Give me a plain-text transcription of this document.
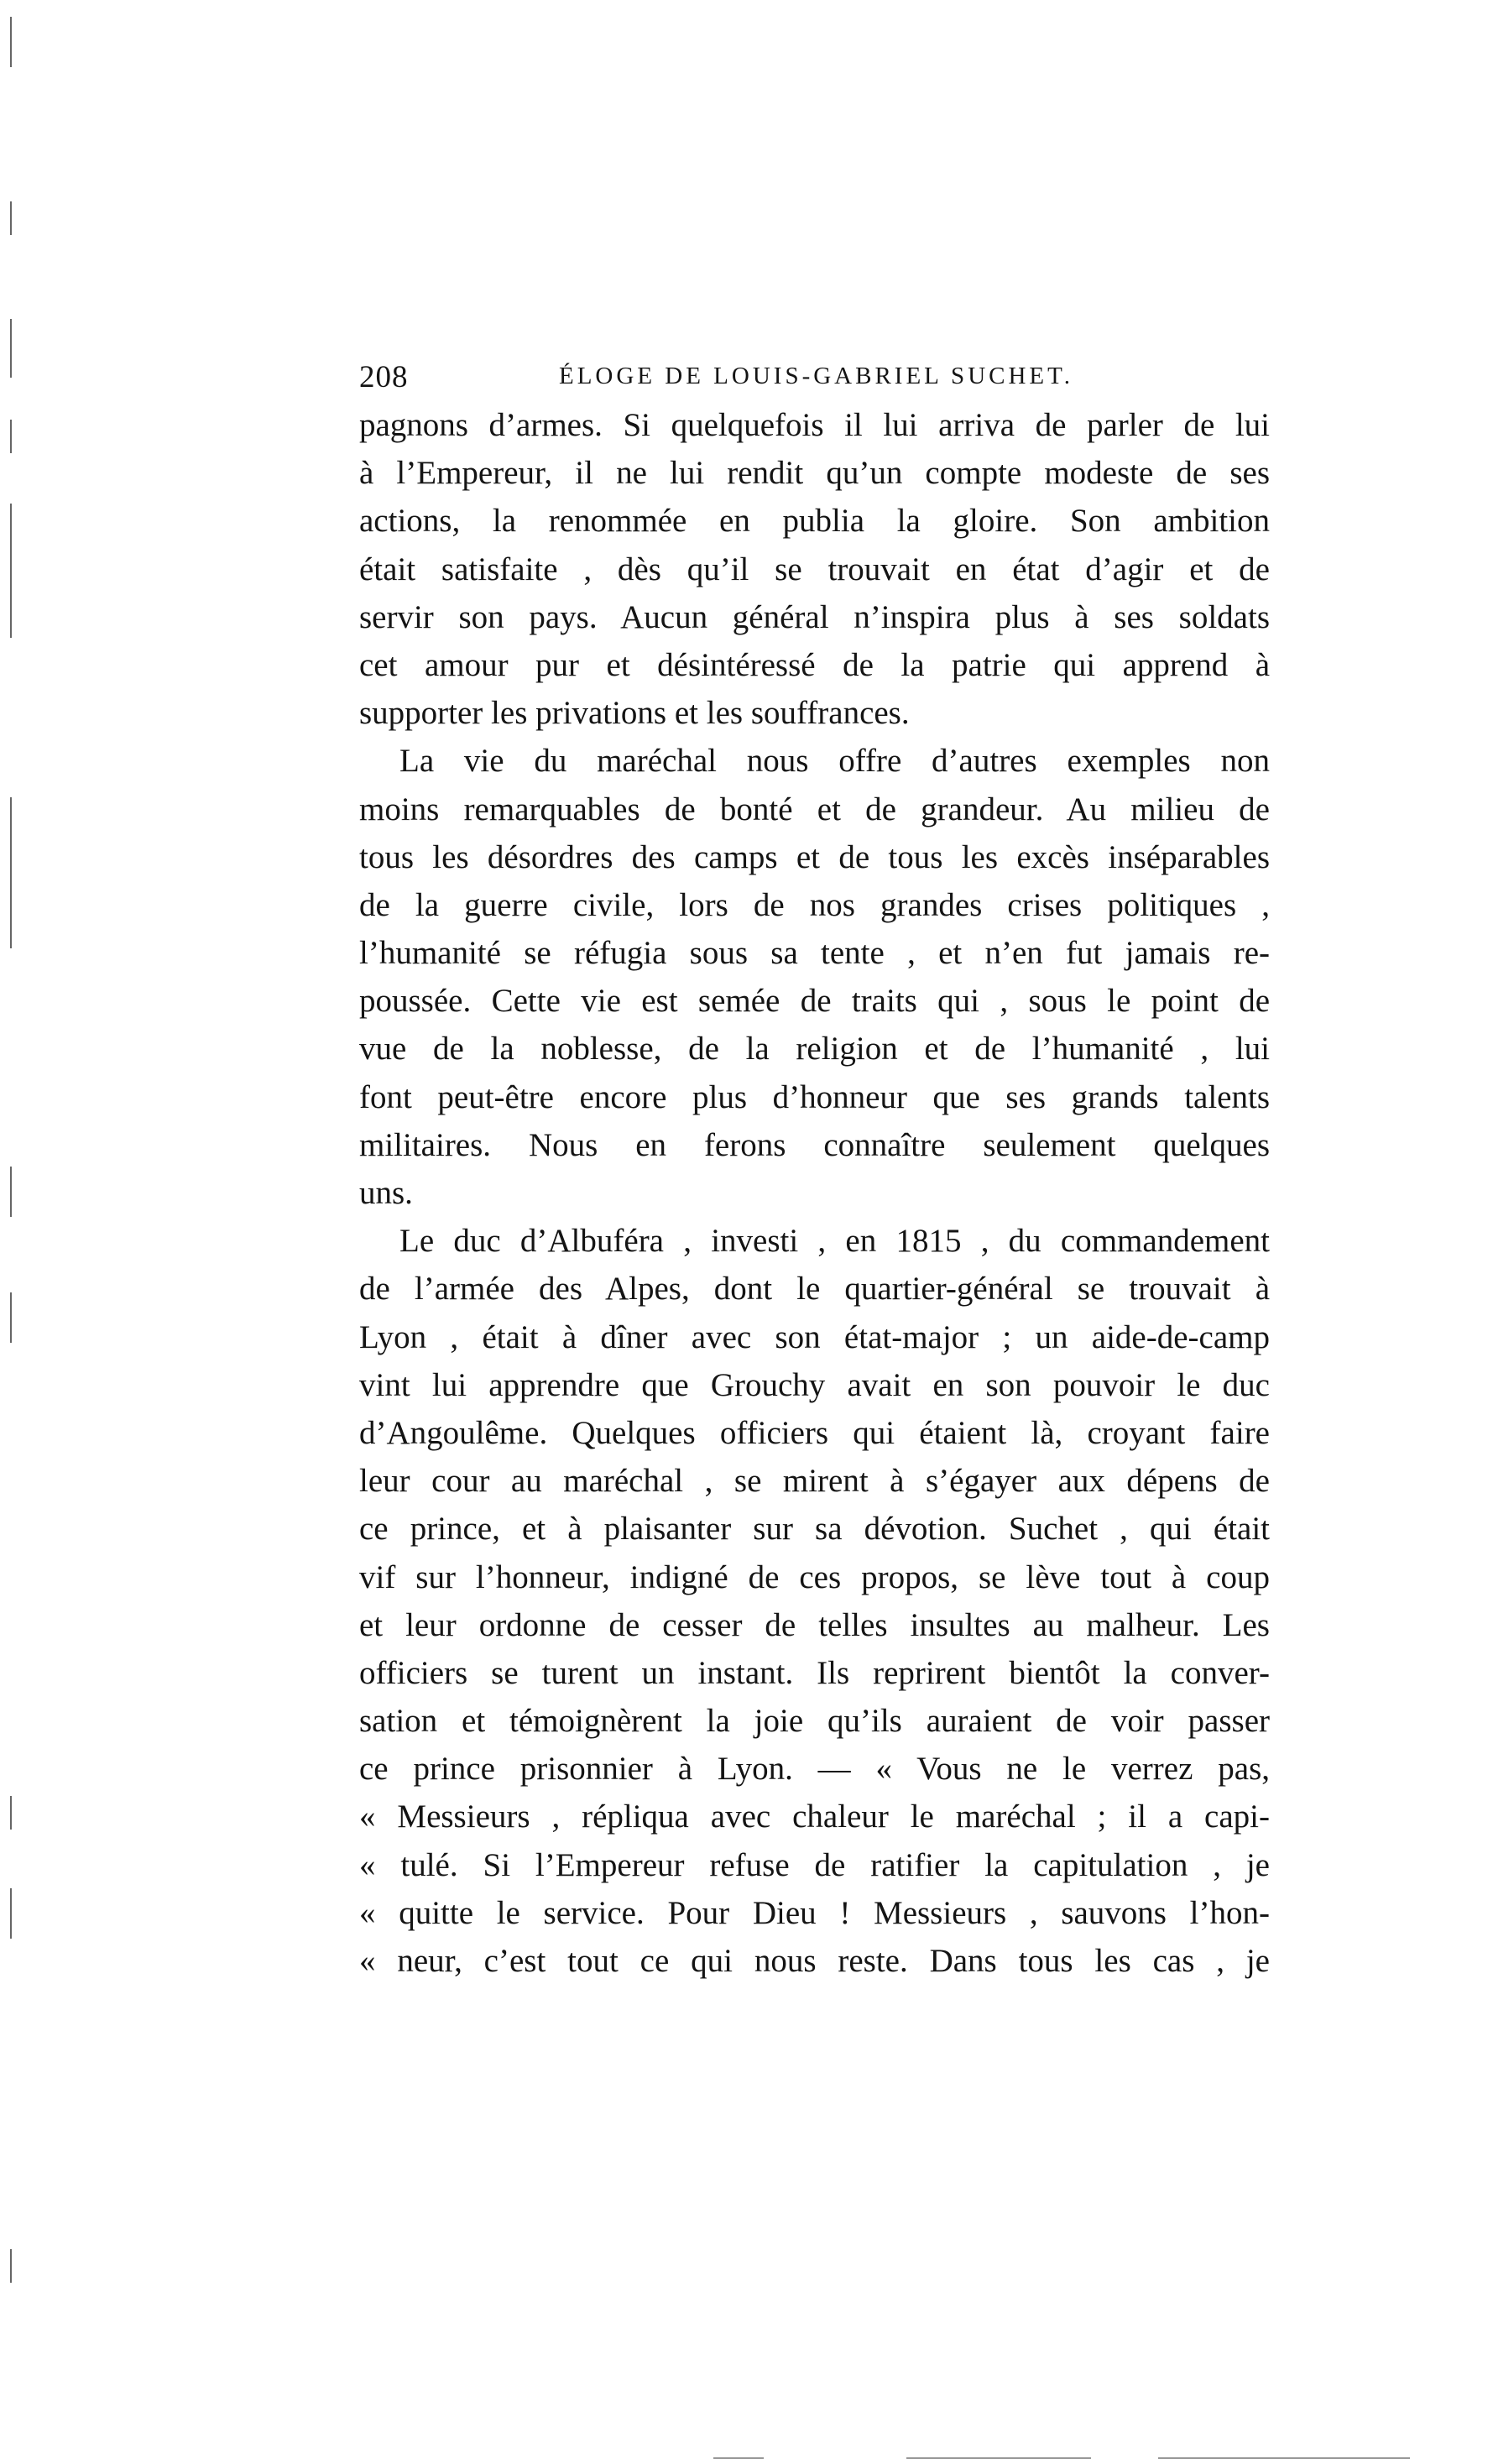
208	ÉLOGE DE LOUIS-GABRIEL SUCHET.
pagnons d’armes. Si quelquefois il lui arriva de parler de lui
à l’Empereur, il ne lui rendit qu’un compte modeste de ses
actions, la renommée en publia la gloire. Son ambition
était satisfaite , dès qu’il se trouvait en état d’agir et de
servir son pays. Aucun général n’inspira plus à ses soldats
cet amour pur et désintéressé de la patrie qui apprend à
supporter les privations et les souffrances.
La vie du maréchal nous offre d’autres exemples non
moins remarquables de bonté et de grandeur. Au milieu de
tous les désordres des camps et de tous les excès inséparables
de la guerre civile, lors de nos grandes crises politiques ,
l’humanité se réfugia sous sa tente , et n’en fut jamais re-
poussée. Cette vie est semée de traits qui , sous le point de
vue de la noblesse, de la religion et de l’humanité , lui
font peut-être encore plus d’honneur que ses grands talents
militaires. Nous en ferons connaître seulement quelques
uns.
Le duc d’Albuféra , investi , en 1815 , du commandement
de l’armée des Alpes, dont le quartier-général se trouvait à
Lyon , était à dîner avec son état-major ; un aide-de-camp
vint lui apprendre que Grouchy avait en son pouvoir le duc
d’Angoulême. Quelques officiers qui étaient là, croyant faire
leur cour au maréchal , se mirent à s’égayer aux dépens de
ce prince, et à plaisanter sur sa dévotion. Suchet , qui était
vif sur l’honneur, indigné de ces propos, se lève tout à coup
et leur ordonne de cesser de telles insultes au malheur. Les
officiers se turent un instant. Ils reprirent bientôt la conver-
sation et témoignèrent la joie qu’ils auraient de voir passer
ce prince prisonnier à Lyon. — « Vous ne le verrez pas,
« Messieurs , répliqua avec chaleur le maréchal ; il a capi-
« tulé. Si l’Empereur refuse de ratifier la capitulation , je
« quitte le service. Pour Dieu ! Messieurs , sauvons l’hon-
« neur, c’est tout ce qui nous reste. Dans tous les cas , je
